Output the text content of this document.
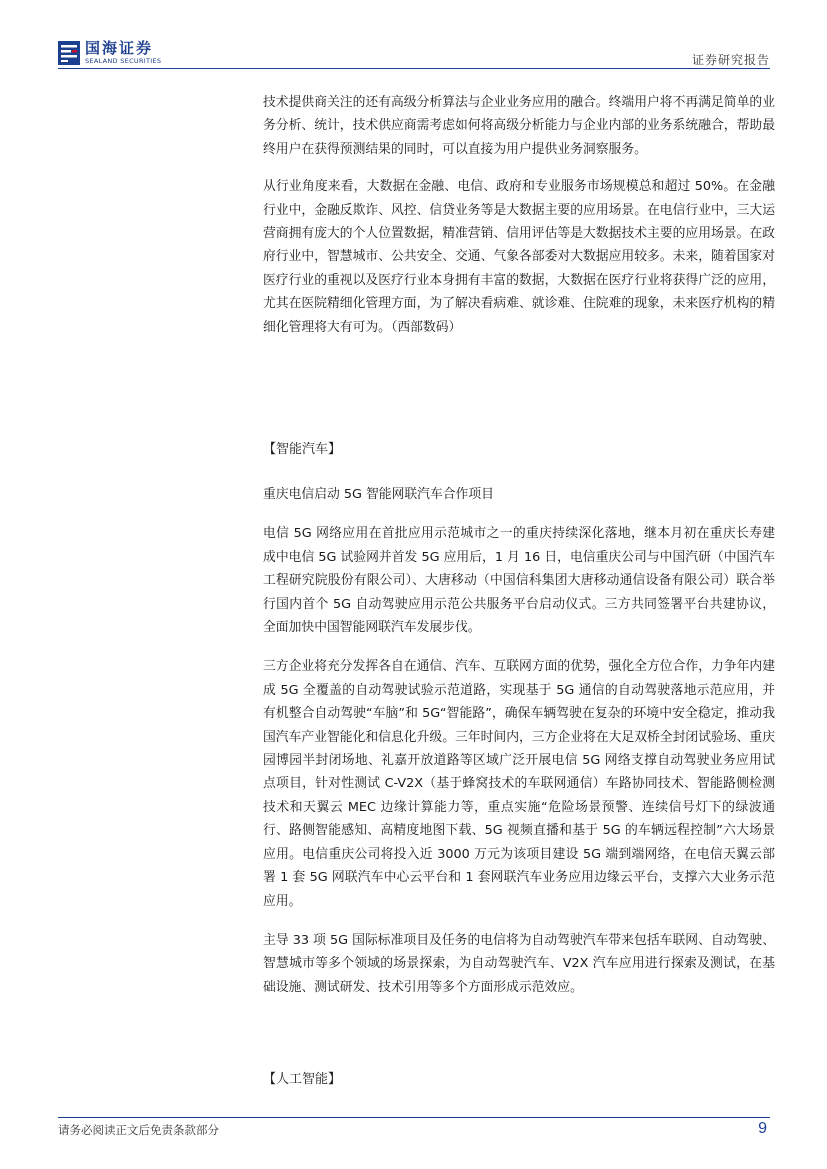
国海证券
SEALAND SECURITIES	证券研究报告

技术提供商关注的还有高级分析算法与企业业务应用的融合。终端用户将不再满足简单的业务分析、统计，技术供应商需考虑如何将高级分析能力与企业内部的业务系统融合，帮助最终用户在获得预测结果的同时，可以直接为用户提供业务洞察服务。

从行业角度来看，大数据在金融、电信、政府和专业服务市场规模总和超过 50%。在金融行业中，金融反欺诈、风控、信贷业务等是大数据主要的应用场景。在电信行业中，三大运营商拥有庞大的个人位置数据，精准营销、信用评估等是大数据技术主要的应用场景。在政府行业中，智慧城市、公共安全、交通、气象各部委对大数据应用较多。未来，随着国家对医疗行业的重视以及医疗行业本身拥有丰富的数据，大数据在医疗行业将获得广泛的应用，尤其在医院精细化管理方面，为了解决看病难、就诊难、住院难的现象，未来医疗机构的精细化管理将大有可为。（西部数码）

【智能汽车】

重庆电信启动 5G 智能网联汽车合作项目

电信 5G 网络应用在首批应用示范城市之一的重庆持续深化落地，继本月初在重庆长寿建成中电信 5G 试验网并首发 5G 应用后，1 月 16 日，电信重庆公司与中国汽研（中国汽车工程研究院股份有限公司）、大唐移动（中国信科集团大唐移动通信设备有限公司）联合举行国内首个 5G 自动驾驶应用示范公共服务平台启动仪式。三方共同签署平台共建协议，全面加快中国智能网联汽车发展步伐。

三方企业将充分发挥各自在通信、汽车、互联网方面的优势，强化全方位合作，力争年内建成 5G 全覆盖的自动驾驶试验示范道路，实现基于 5G 通信的自动驾驶落地示范应用，并有机整合自动驾驶“车脑”和 5G“智能路”，确保车辆驾驶在复杂的环境中安全稳定，推动我国汽车产业智能化和信息化升级。三年时间内，三方企业将在大足双桥全封闭试验场、重庆园博园半封闭场地、礼嘉开放道路等区域广泛开展电信 5G 网络支撑自动驾驶业务应用试点项目，针对性测试 C-V2X（基于蜂窝技术的车联网通信）车路协同技术、智能路侧检测技术和天翼云 MEC 边缘计算能力等，重点实施“危险场景预警、连续信号灯下的绿波通行、路侧智能感知、高精度地图下载、5G 视频直播和基于 5G 的车辆远程控制”六大场景应用。电信重庆公司将投入近 3000 万元为该项目建设 5G 端到端网络，在电信天翼云部署 1 套 5G 网联汽车中心云平台和 1 套网联汽车业务应用边缘云平台，支撑六大业务示范应用。

主导 33 项 5G 国际标准项目及任务的电信将为自动驾驶汽车带来包括车联网、自动驾驶、智慧城市等多个领域的场景探索，为自动驾驶汽车、V2X 汽车应用进行探索及测试，在基础设施、测试研发、技术引用等多个方面形成示范效应。

【人工智能】
请务必阅读正文后免责条款部分	9
